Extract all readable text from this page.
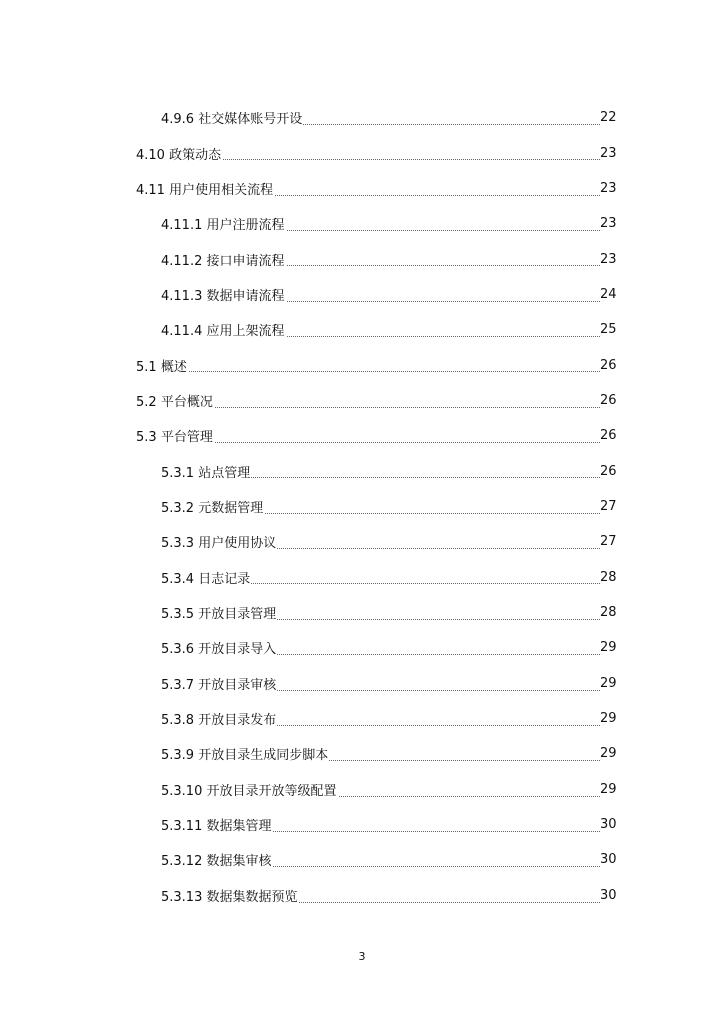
4.9.6 社交媒体账号开设	22
4.10 政策动态	23
4.11 用户使用相关流程	23
4.11.1 用户注册流程	23
4.11.2 接口申请流程	23
4.11.3 数据申请流程	24
4.11.4 应用上架流程	25
5.1 概述	26
5.2 平台概况	26
5.3 平台管理	26
5.3.1 站点管理	26
5.3.2 元数据管理	27
5.3.3 用户使用协议	27
5.3.4 日志记录	28
5.3.5 开放目录管理	28
5.3.6 开放目录导入	29
5.3.7 开放目录审核	29
5.3.8 开放目录发布	29
5.3.9 开放目录生成同步脚本	29
5.3.10 开放目录开放等级配置	29
5.3.11 数据集管理	30
5.3.12 数据集审核	30
5.3.13 数据集数据预览	30
3
